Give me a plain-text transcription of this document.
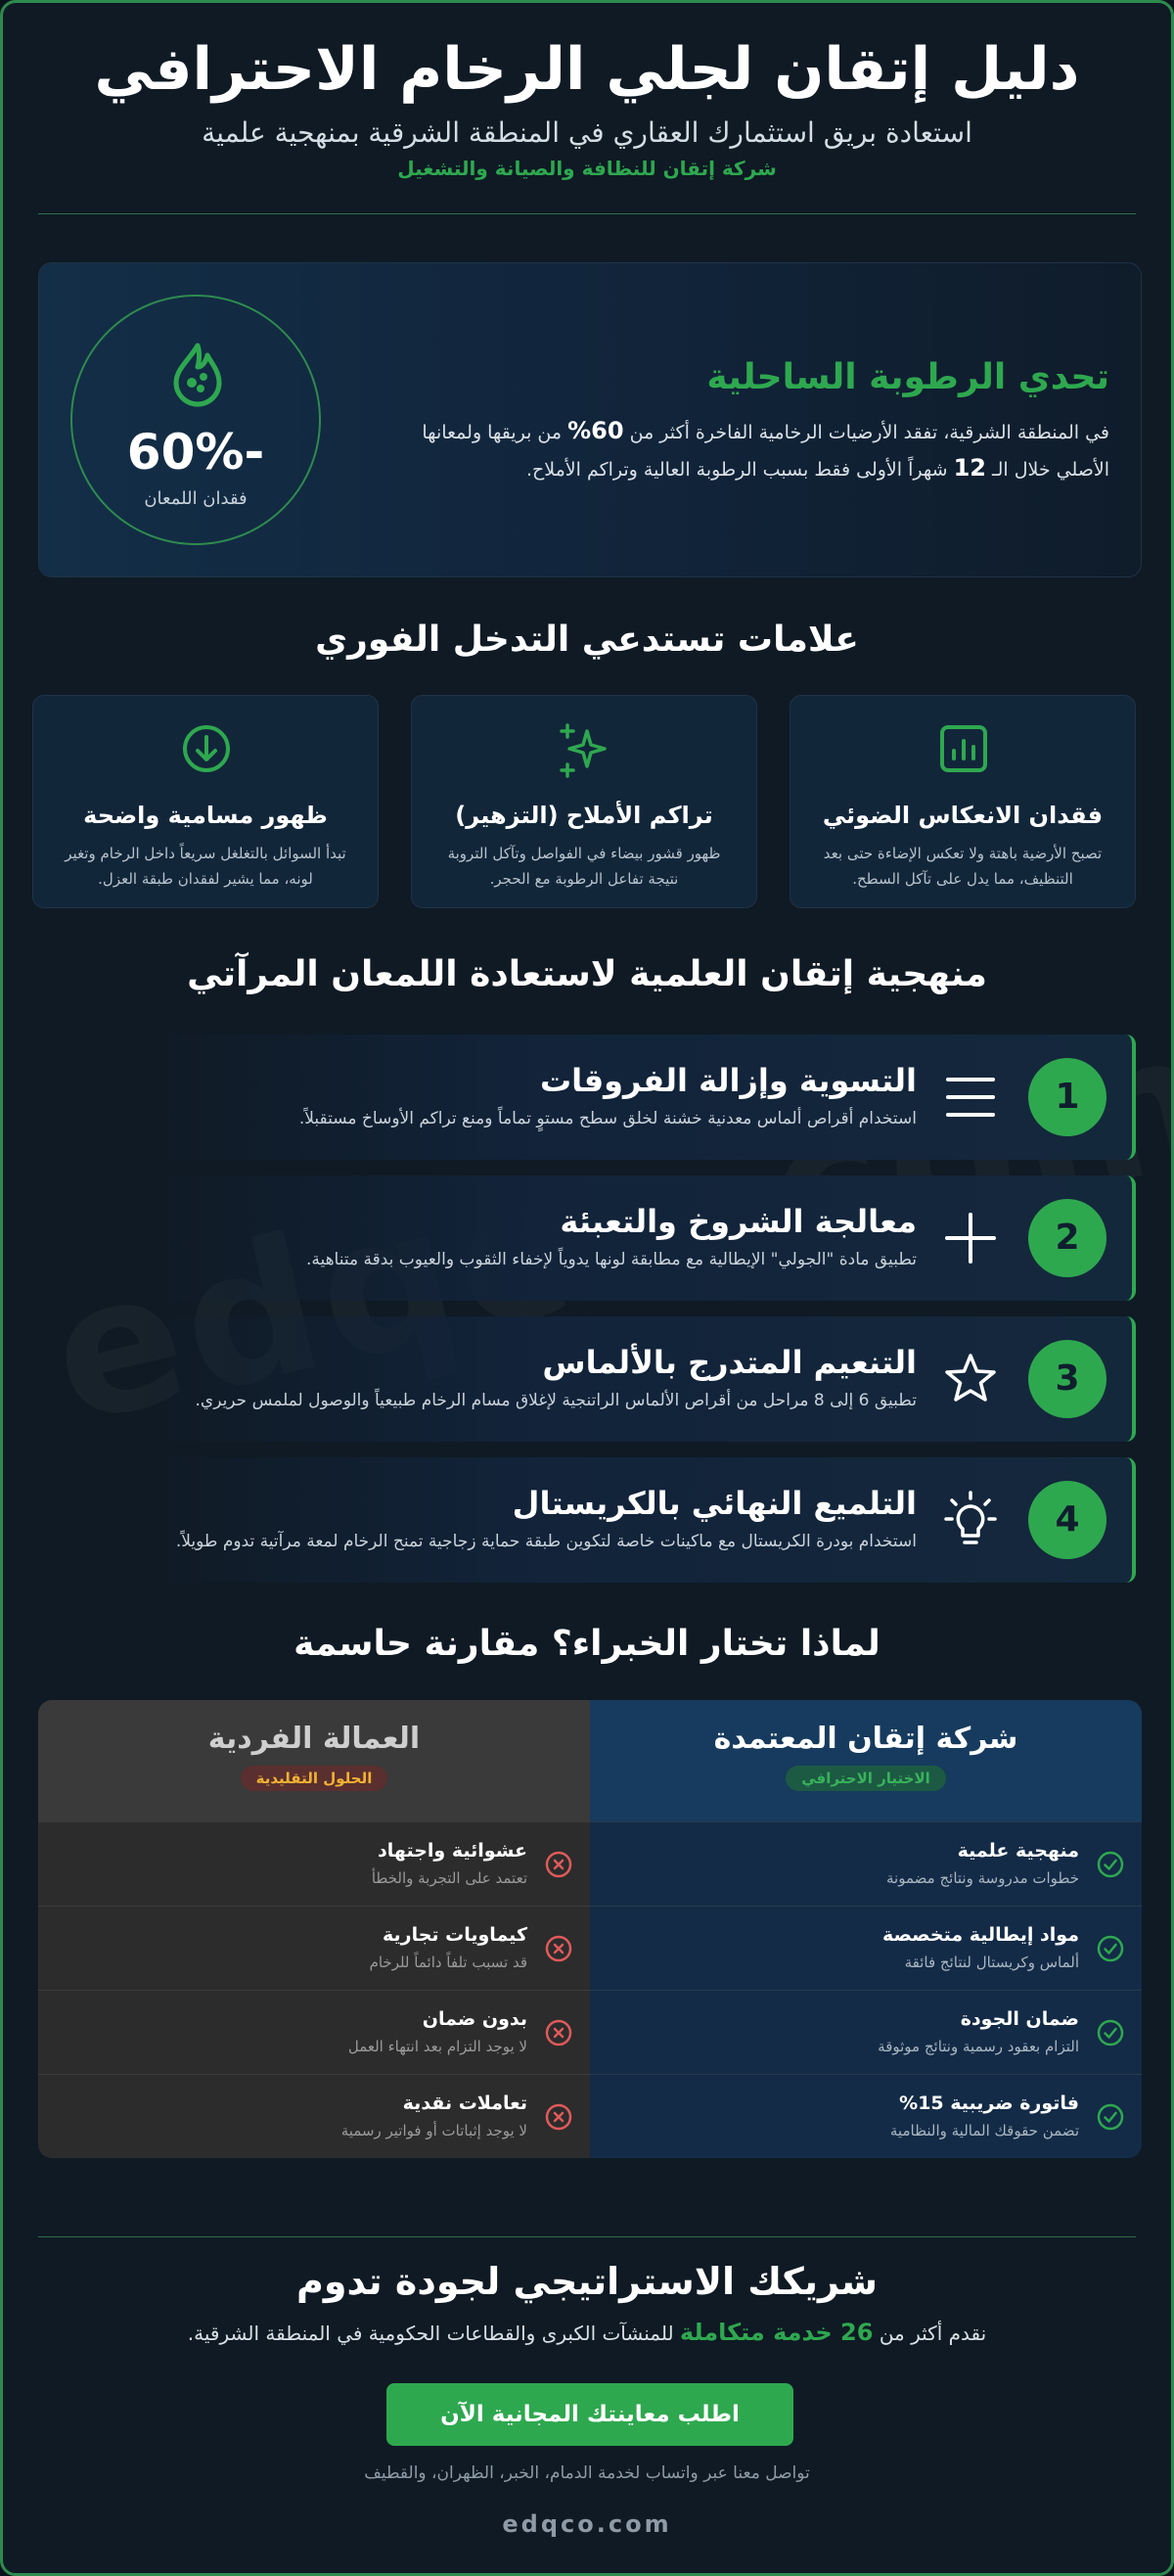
دليل إتقان لجلي الرخام الاحترافي
استعادة بريق استثمارك العقاري في المنطقة الشرقية بمنهجية علمية
شركة إتقان للنظافة والصيانة والتشغيل
60%-
فقدان اللمعان
تحدي الرطوبة الساحلية
في المنطقة الشرقية، تفقد الأرضيات الرخامية الفاخرة أكثر من 60% من بريقها ولمعانها الأصلي خلال الـ 12 شهراً الأولى فقط بسبب الرطوبة العالية وتراكم الأملاح.
علامات تستدعي التدخل الفوري
فقدان الانعكاس الضوئي
تصبح الأرضية باهتة ولا تعكس الإضاءة حتى بعد التنظيف، مما يدل على تآكل السطح.
تراكم الأملاح (التزهير)
ظهور قشور بيضاء في الفواصل وتآكل التروبة نتيجة تفاعل الرطوبة مع الحجر.
ظهور مسامية واضحة
تبدأ السوائل بالتغلغل سريعاً داخل الرخام وتغير لونه، مما يشير لفقدان طبقة العزل.
منهجية إتقان العلمية لاستعادة اللمعان المرآتي
1
التسوية وإزالة الفروقات
استخدام أقراص ألماس معدنية خشنة لخلق سطح مستوٍ تماماً ومنع تراكم الأوساخ مستقبلاً.
2
معالجة الشروخ والتعبئة
تطبيق مادة "الجولي" الإيطالية مع مطابقة لونها يدوياً لإخفاء الثقوب والعيوب بدقة متناهية.
3
التنعيم المتدرج بالألماس
تطبيق 6 إلى 8 مراحل من أقراص الألماس الراتنجية لإغلاق مسام الرخام طبيعياً والوصول لملمس حريري.
4
التلميع النهائي بالكريستال
استخدام بودرة الكريستال مع ماكينات خاصة لتكوين طبقة حماية زجاجية تمنح الرخام لمعة مرآتية تدوم طويلاً.
لماذا تختار الخبراء؟ مقارنة حاسمة
شركة إتقان المعتمدة
الاختيار الاحترافي
العمالة الفردية
الحلول التقليدية
منهجية علمية
خطوات مدروسة ونتائج مضمونة
مواد إيطالية متخصصة
ألماس وكريستال لنتائج فائقة
ضمان الجودة
التزام بعقود رسمية ونتائج موثوقة
فاتورة ضريبية 15%
تضمن حقوقك المالية والنظامية
عشوائية واجتهاد
تعتمد على التجربة والخطأ
كيماويات تجارية
قد تسبب تلفاً دائماً للرخام
بدون ضمان
لا يوجد التزام بعد انتهاء العمل
تعاملات نقدية
لا يوجد إثباتات أو فواتير رسمية
شريكك الاستراتيجي لجودة تدوم
نقدم أكثر من 26 خدمة متكاملة للمنشآت الكبرى والقطاعات الحكومية في المنطقة الشرقية.
اطلب معاينتك المجانية الآن
تواصل معنا عبر واتساب لخدمة الدمام، الخبر، الظهران، والقطيف
edqco.com
